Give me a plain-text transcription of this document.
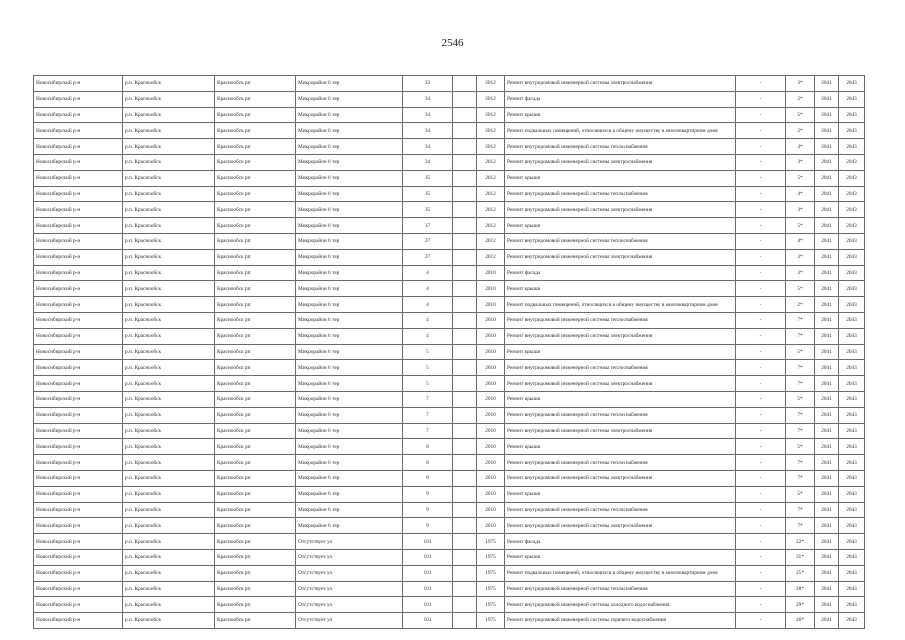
2546
Новосибирский р-н	р.п. Краснообск	Краснообск рп	Микрорайон 6 тер	33		2012	Ремонт внутридомовой инженерной системы электроснабжения	-	3*	2041	2043
Новосибирский р-н	р.п. Краснообск	Краснообск рп	Микрорайон 6 тер	34		2012	Ремонт фасада	-	2*	2041	2043
Новосибирский р-н	р.п. Краснообск	Краснообск рп	Микрорайон 6 тер	34		2012	Ремонт крыши	-	5*	2041	2043
Новосибирский р-н	р.п. Краснообск	Краснообск рп	Микрорайон 6 тер	34		2012	Ремонт подвальных помещений, относящихся к общему имуществу в многоквартирном доме	-	2*	2041	2043
Новосибирский р-н	р.п. Краснообск	Краснообск рп	Микрорайон 6 тер	34		2012	Ремонт внутридомовой инженерной системы теплоснабжения	-	4*	2041	2043
Новосибирский р-н	р.п. Краснообск	Краснообск рп	Микрорайон 6 тер	34		2012	Ремонт внутридомовой инженерной системы электроснабжения	-	3*	2041	2043
Новосибирский р-н	р.п. Краснообск	Краснообск рп	Микрорайон 6 тер	35		2012	Ремонт крыши	-	5*	2041	2043
Новосибирский р-н	р.п. Краснообск	Краснообск рп	Микрорайон 6 тер	35		2012	Ремонт внутридомовой инженерной системы теплоснабжения	-	4*	2041	2043
Новосибирский р-н	р.п. Краснообск	Краснообск рп	Микрорайон 6 тер	35		2012	Ремонт внутридомовой инженерной системы электроснабжения	-	3*	2041	2043
Новосибирский р-н	р.п. Краснообск	Краснообск рп	Микрорайон 6 тер	37		2012	Ремонт крыши	-	5*	2041	2043
Новосибирский р-н	р.п. Краснообск	Краснообск рп	Микрорайон 6 тер	37		2012	Ремонт внутридомовой инженерной системы теплоснабжения	-	4*	2041	2043
Новосибирский р-н	р.п. Краснообск	Краснообск рп	Микрорайон 6 тер	37		2012	Ремонт внутридомовой инженерной системы электроснабжения	-	3*	2041	2043
Новосибирский р-н	р.п. Краснообск	Краснообск рп	Микрорайон 6 тер	4		2010	Ремонт фасада	-	3*	2041	2043
Новосибирский р-н	р.п. Краснообск	Краснообск рп	Микрорайон 6 тер	4		2010	Ремонт крыши	-	5*	2041	2043
Новосибирский р-н	р.п. Краснообск	Краснообск рп	Микрорайон 6 тер	4		2010	Ремонт подвальных помещений, относящихся к общему имуществу в многоквартирном доме	-	2*	2041	2043
Новосибирский р-н	р.п. Краснообск	Краснообск рп	Микрорайон 6 тер	4		2010	Ремонт внутридомовой инженерной системы теплоснабжения	-	7*	2041	2043
Новосибирский р-н	р.п. Краснообск	Краснообск рп	Микрорайон 6 тер	4		2010	Ремонт внутридомовой инженерной системы электроснабжения	-	7*	2041	2043
Новосибирский р-н	р.п. Краснообск	Краснообск рп	Микрорайон 6 тер	5		2010	Ремонт крыши	-	5*	2041	2043
Новосибирский р-н	р.п. Краснообск	Краснообск рп	Микрорайон 6 тер	5		2010	Ремонт внутридомовой инженерной системы теплоснабжения	-	7*	2041	2043
Новосибирский р-н	р.п. Краснообск	Краснообск рп	Микрорайон 6 тер	5		2010	Ремонт внутридомовой инженерной системы электроснабжения	-	7*	2041	2043
Новосибирский р-н	р.п. Краснообск	Краснообск рп	Микрорайон 6 тер	7		2010	Ремонт крыши	-	5*	2041	2043
Новосибирский р-н	р.п. Краснообск	Краснообск рп	Микрорайон 6 тер	7		2010	Ремонт внутридомовой инженерной системы теплоснабжения	-	7*	2041	2043
Новосибирский р-н	р.п. Краснообск	Краснообск рп	Микрорайон 6 тер	7		2010	Ремонт внутридомовой инженерной системы электроснабжения	-	7*	2041	2043
Новосибирский р-н	р.п. Краснообск	Краснообск рп	Микрорайон 6 тер	8		2010	Ремонт крыши	-	5*	2041	2043
Новосибирский р-н	р.п. Краснообск	Краснообск рп	Микрорайон 6 тер	8		2010	Ремонт внутридомовой инженерной системы теплоснабжения	-	7*	2041	2043
Новосибирский р-н	р.п. Краснообск	Краснообск рп	Микрорайон 6 тер	8		2010	Ремонт внутридомовой инженерной системы электроснабжения	-	7*	2041	2043
Новосибирский р-н	р.п. Краснообск	Краснообск рп	Микрорайон 6 тер	9		2010	Ремонт крыши	-	5*	2041	2043
Новосибирский р-н	р.п. Краснообск	Краснообск рп	Микрорайон 6 тер	9		2010	Ремонт внутридомовой инженерной системы теплоснабжения	-	7*	2041	2043
Новосибирский р-н	р.п. Краснообск	Краснообск рп	Микрорайон 6 тер	9		2010	Ремонт внутридомовой инженерной системы электроснабжения	-	7*	2041	2043
Новосибирский р-н	р.п. Краснообск	Краснообск рп	Отсутствует ул	101		1975	Ремонт фасада	-	22*	2041	2043
Новосибирский р-н	р.п. Краснообск	Краснообск рп	Отсутствует ул	101		1975	Ремонт крыши	-	31*	2041	2043
Новосибирский р-н	р.п. Краснообск	Краснообск рп	Отсутствует ул	101		1975	Ремонт подвальных помещений, относящихся к общему имуществу в многоквартирном доме	-	25*	2041	2043
Новосибирский р-н	р.п. Краснообск	Краснообск рп	Отсутствует ул	101		1975	Ремонт внутридомовой инженерной системы теплоснабжения	-	28*	2041	2043
Новосибирский р-н	р.п. Краснообск	Краснообск рп	Отсутствует ул	101		1975	Ремонт внутридомовой инженерной системы холодного водоснабжения	-	29*	2041	2043
Новосибирский р-н	р.п. Краснообск	Краснообск рп	Отсутствует ул	101		1975	Ремонт внутридомовой инженерной системы горячего водоснабжения	-	26*	2041	2043
